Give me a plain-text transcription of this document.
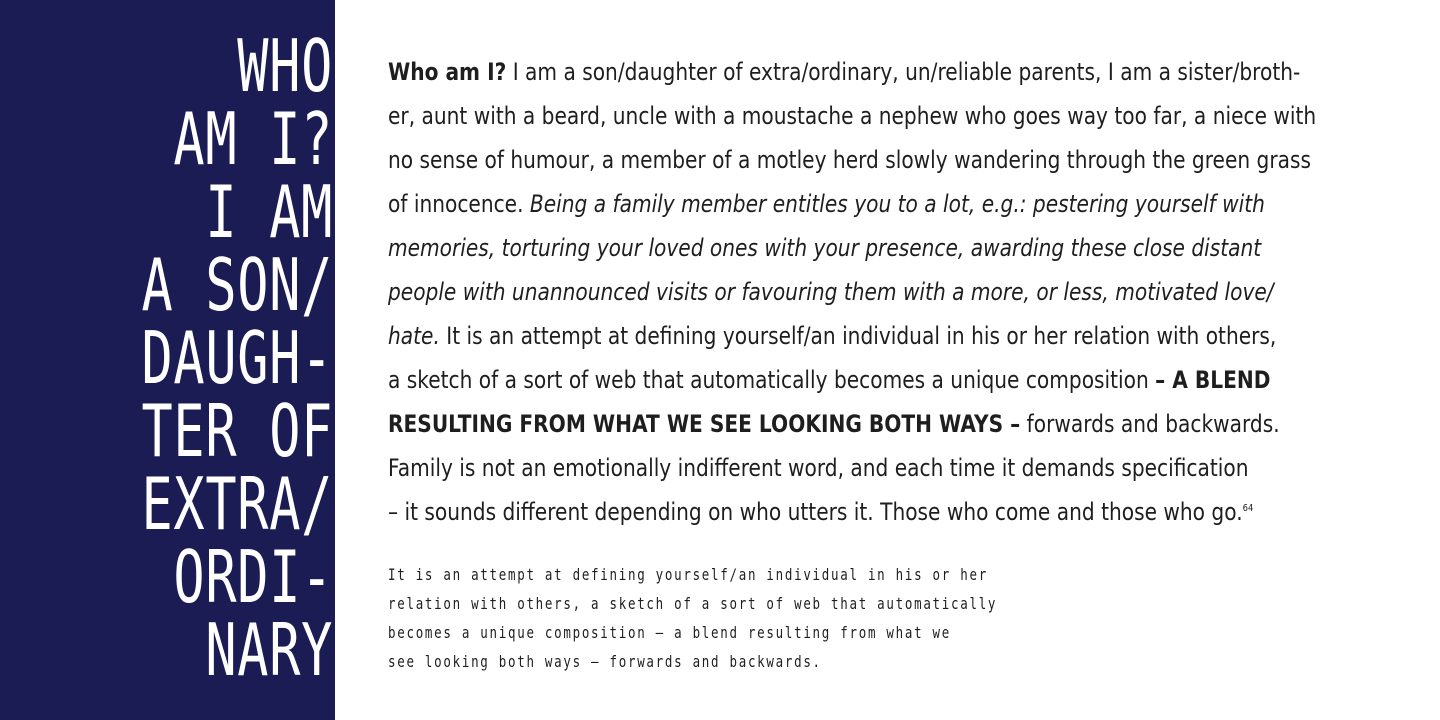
WHO
AM I?
I AM
A SON/
DAUGH-
TER OF
EXTRA/
ORDI-
NARY

Who am I? I am a son/daughter of extra/ordinary, un/reliable parents, I am a sister/broth-
er, aunt with a beard, uncle with a moustache a nephew who goes way too far, a niece with
no sense of humour, a member of a motley herd slowly wandering through the green grass
of innocence. Being a family member entitles you to a lot, e.g.: pestering yourself with
memories, torturing your loved ones with your presence, awarding these close distant
people with unannounced visits or favouring them with a more, or less, motivated love/
hate. It is an attempt at defining yourself/an individual in his or her relation with others,
a sketch of a sort of web that automatically becomes a unique composition – A BLEND
RESULTING FROM WHAT WE SEE LOOKING BOTH WAYS – forwards and backwards.
Family is not an emotionally indifferent word, and each time it demands specification
– it sounds different depending on who utters it. Those who come and those who go.$^{64}$

It is an attempt at defining yourself/an individual in his or her
relation with others, a sketch of a sort of web that automatically
becomes a unique composition – a blend resulting from what we
see looking both ways – forwards and backwards.
